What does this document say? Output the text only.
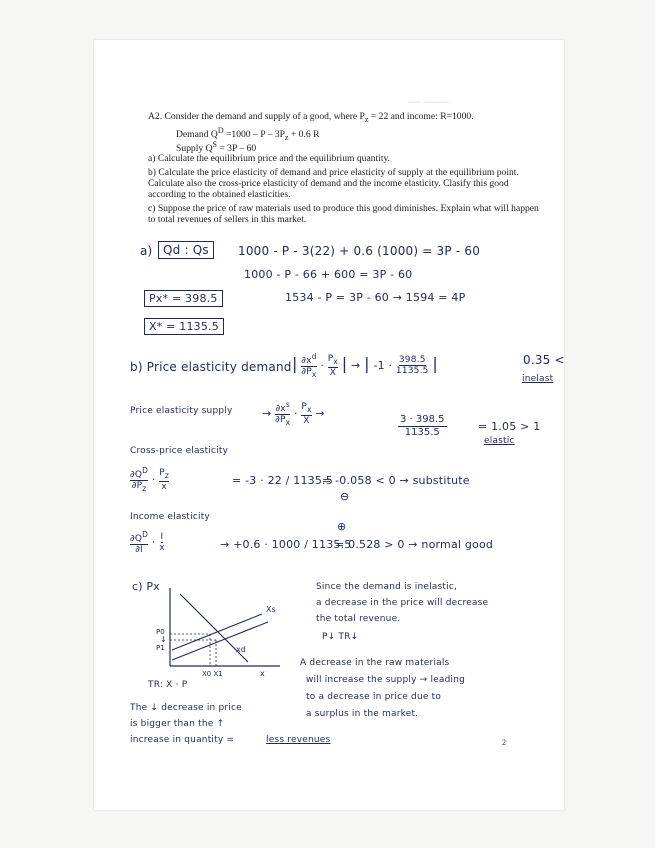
~~~ ~~~~~~
A2. Consider the demand and supply of a good, where $P_z = 22$ and income: R=1000.
Demand $Q^D =1000 - P - 3P_z + 0.6$ R
Supply $Q^S = 3P - 60$
a) Calculate the equilibrium price and the equilibrium quantity.
b) Calculate the price elasticity of demand and price elasticity of supply at the equilibrium point.
Calculate also the cross-price elasticity of demand and the income elasticity. Clasify this good
according to the obtained elasticities.
c) Suppose the price of raw materials used to produce this good diminishes. Explain what will happen
to total revenues of sellers in this market.
a) Qd : Qs	1000 - P - 3(22) + 0.6 (1000) = 3P - 60
1000 - P - 66 + 600 = 3P - 60
1534 - P = 3P - 60 → 1594 = 4P
Px* = 398.5
X* = 1135.5
b) Price elasticity demand | $\frac{\partial x^d}{\partial P_x} \cdot \frac{P_x}{X}$ | → | $-1 \cdot \frac{398.5}{1135.5}$ |	0.35 <
inelast
Price elasticity supply	→ $\frac{\partial x^s}{\partial P_x} \cdot \frac{P_x}{X}$ →
$\frac{3 \cdot 398.5}{1135.5}$	= 1.05 > 1
elastic
Cross-price elasticity
$\frac{\partial Q^D}{\partial P_z} \cdot \frac{P_z}{x}$	= -3 · 22 / 1135.5
= -0.058 < 0 → substitute
⊖
Income elasticity
$\frac{\partial Q^D}{\partial I} \cdot \frac{I}{x}$	→ +0.6 · 1000 / 1135.5
= 0.528 > 0 → normal good
⊕
c) Px
Xs
xd
P0
P1
↓
X0 X1	x
Since the demand is inelastic,
a decrease in the price will decrease
the total revenue.
P↓ TR↓
A decrease in the raw materials
will increase the supply → leading
to a decrease in price due to
a surplus in the market.
TR: X · P
The ↓ decrease in price
is bigger than the ↑
increase in quantity =	less revenues	2
